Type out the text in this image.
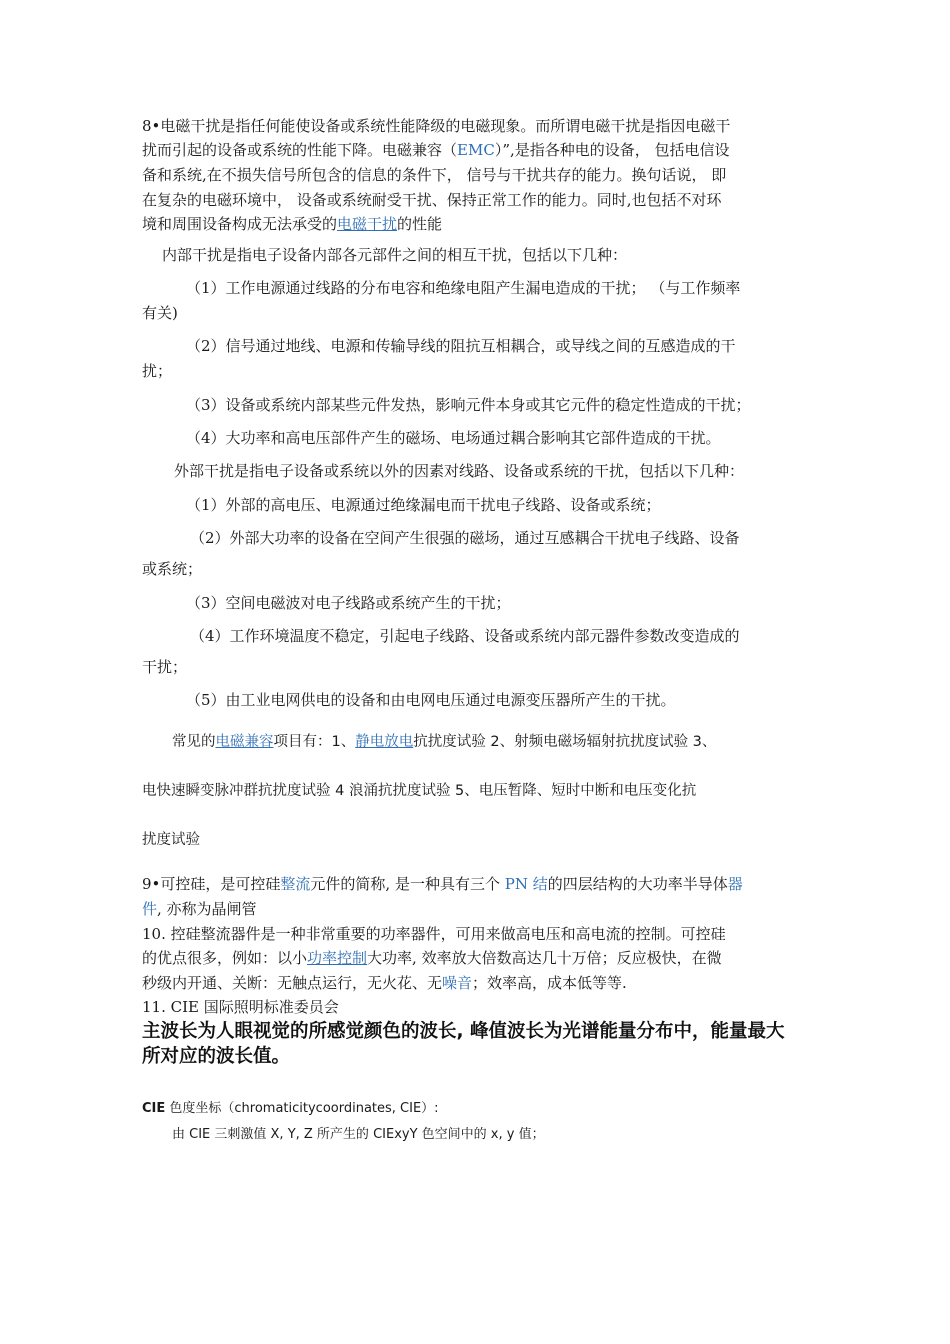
8•电磁干扰是指任何能使设备或系统性能降级的电磁现象。而所谓电磁干扰是指因电磁干
扰而引起的设备或系统的性能下降。电磁兼容（EMC）”,是指各种电的设备， 包括电信设
备和系统,在不损失信号所包含的信息的条件下， 信号与干扰共存的能力。换句话说， 即
在复杂的电磁环境中， 设备或系统耐受干扰、保持正常工作的能力。同时,也包括不对环
境和周围设备构成无法承受的电磁干扰的性能
内部干扰是指电子设备内部各元部件之间的相互干扰，包括以下几种：
（1）工作电源通过线路的分布电容和绝缘电阻产生漏电造成的干扰； （与工作频率
有关)
（2）信号通过地线、电源和传输导线的阻抗互相耦合，或导线之间的互感造成的干
扰；
（3）设备或系统内部某些元件发热，影响元件本身或其它元件的稳定性造成的干扰；
（4）大功率和高电压部件产生的磁场、电场通过耦合影响其它部件造成的干扰。
外部干扰是指电子设备或系统以外的因素对线路、设备或系统的干扰，包括以下几种：
（1）外部的高电压、电源通过绝缘漏电而干扰电子线路、设备或系统；
（2）外部大功率的设备在空间产生很强的磁场，通过互感耦合干扰电子线路、设备
或系统；
（3）空间电磁波对电子线路或系统产生的干扰；
（4）工作环境温度不稳定，引起电子线路、设备或系统内部元器件参数改变造成的
干扰；
（5）由工业电网供电的设备和由电网电压通过电源变压器所产生的干扰。
常见的电磁兼容项目有：1、静电放电抗扰度试验 2、射频电磁场辐射抗扰度试验 3、
电快速瞬变脉冲群抗扰度试验 4 浪涌抗扰度试验 5、电压暂降、短时中断和电压变化抗
扰度试验
9•可控硅，是可控硅整流元件的简称, 是一种具有三个 PN 结的四层结构的大功率半导体器
件, 亦称为晶闸管
10. 控硅整流器件是一种非常重要的功率器件，可用来做高电压和高电流的控制。可控硅
的优点很多，例如：以小功率控制大功率, 效率放大倍数高达几十万倍；反应极快，在微
秒级内开通、关断：无触点运行，无火花、无噪音；效率高，成本低等等.
11. CIE 国际照明标准委员会
主波长为人眼视觉的所感觉颜色的波长, 峰值波长为光谱能量分布中，能量最大
所对应的波长值。
CIE 色度坐标（chromaticitycoordinates, CIE）:
由 CIE 三刺激值 X, Y, Z 所产生的 CIExyY 色空间中的 x, y 值；
